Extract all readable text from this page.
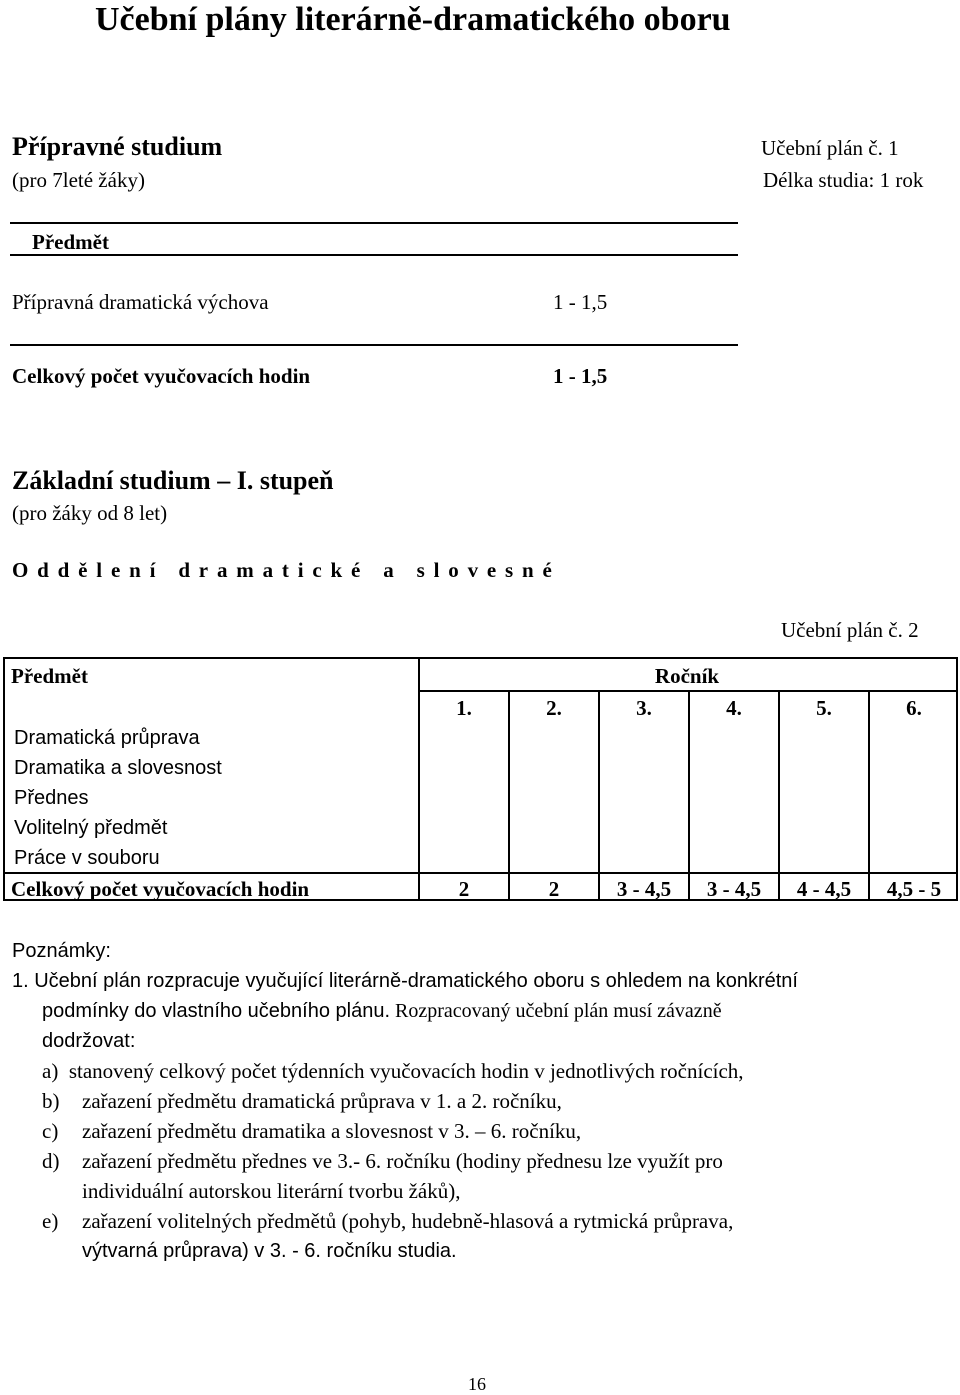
Učební plány literárně-dramatického oboru
Přípravné studium
(pro 7leté žáky)
Učební plán č. 1
Délka studia: 1 rok
Předmět
Přípravná dramatická výchova	1 - 1,5
Celkový počet vyučovacích hodin	1 - 1,5
Základní studium – I. stupeň
(pro žáky od 8 let)
Oddělení dramatické a slovesné
Učební plán č. 2
Předmět	Ročník
1.	2.	3.	4.	5.	6.
Dramatická průprava
Dramatika a slovesnost
Přednes
Volitelný předmět
Práce v souboru
Celkový počet vyučovacích hodin	2	2	3 - 4,5	3 - 4,5	4 - 4,5	4,5 - 5
Poznámky:
1. Učební plán rozpracuje vyučující literárně-dramatického oboru s ohledem na konkrétní
podmínky do vlastního učebního plánu. Rozpracovaný učební plán musí závazně
dodržovat:
a) stanovený celkový počet týdenních vyučovacích hodin v jednotlivých ročnících,
b) zařazení předmětu dramatická průprava v 1. a 2. ročníku,
c) zařazení předmětu dramatika a slovesnost v 3. – 6. ročníku,
d) zařazení předmětu přednes ve 3.- 6. ročníku (hodiny přednesu lze využít pro
individuální autorskou literární tvorbu žáků),
e) zařazení volitelných předmětů (pohyb, hudebně-hlasová a rytmická průprava,
výtvarná průprava) v 3. - 6. ročníku studia.
16
